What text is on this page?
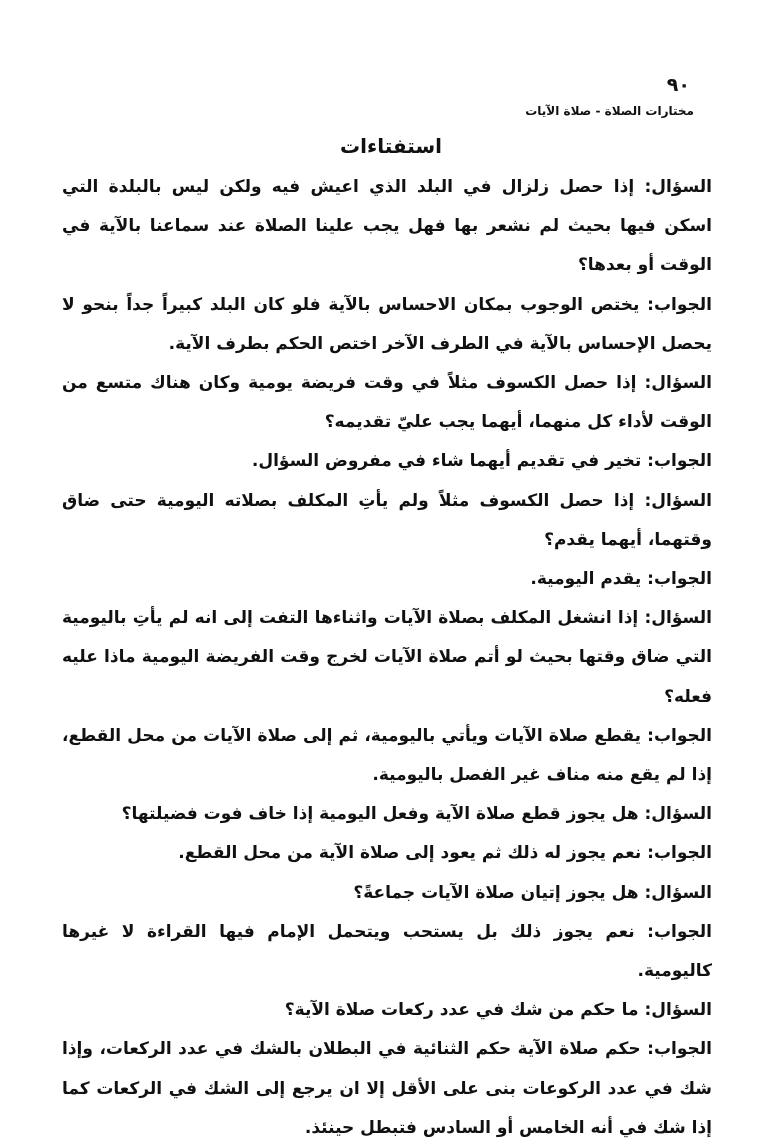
٩٠
مختارات الصلاة - صلاة الآيات
استفتاءات

السؤال: إذا حصل زلزال في البلد الذي اعيش فيه ولكن ليس بالبلدة التي اسكن فيها بحيث لم نشعر بها فهل يجب علينا الصلاة عند سماعنا بالآية في الوقت أو بعدها؟

الجواب: يختص الوجوب بمكان الاحساس بالآية فلو كان البلد كبيراً جداً بنحو لا يحصل الإحساس بالآية في الطرف الآخر اختص الحكم بطرف الآية.

السؤال: إذا حصل الكسوف مثلاً في وقت فريضة يومية وكان هناك متسع من الوقت لأداء كل منهما، أيهما يجب عليّ تقديمه؟

الجواب: تخير في تقديم أيهما شاء في مفروض السؤال.

السؤال: إذا حصل الكسوف مثلاً ولم يأتِ المكلف بصلاته اليومية حتى ضاق وقتهما، أيهما يقدم؟

الجواب: يقدم اليومية.

السؤال: إذا انشغل المكلف بصلاة الآيات واثناءها التفت إلى انه لم يأتِ باليومية التي ضاق وقتها بحيث لو أتم صلاة الآيات لخرج وقت الفريضة اليومية ماذا عليه فعله؟

الجواب: يقطع صلاة الآيات ويأتي باليومية، ثم إلى صلاة الآيات من محل القطع، إذا لم يقع منه مناف غير الفصل باليومية.

السؤال: هل يجوز قطع صلاة الآية وفعل اليومية إذا خاف فوت فضيلتها؟

الجواب: نعم يجوز له ذلك ثم يعود إلى صلاة الآية من محل القطع.

السؤال: هل يجوز إتيان صلاة الآيات جماعةً؟

الجواب: نعم يجوز ذلك بل يستحب ويتحمل الإمام فيها القراءة لا غيرها كاليومية.

السؤال: ما حكم من شك في عدد ركعات صلاة الآية؟

الجواب: حكم صلاة الآية حكم الثنائية في البطلان بالشك في عدد الركعات، وإذا شك في عدد الركوعات بنى على الأقل إلا ان يرجع إلى الشك في الركعات كما إذا شك في أنه الخامس أو السادس فتبطل حينئذ.
